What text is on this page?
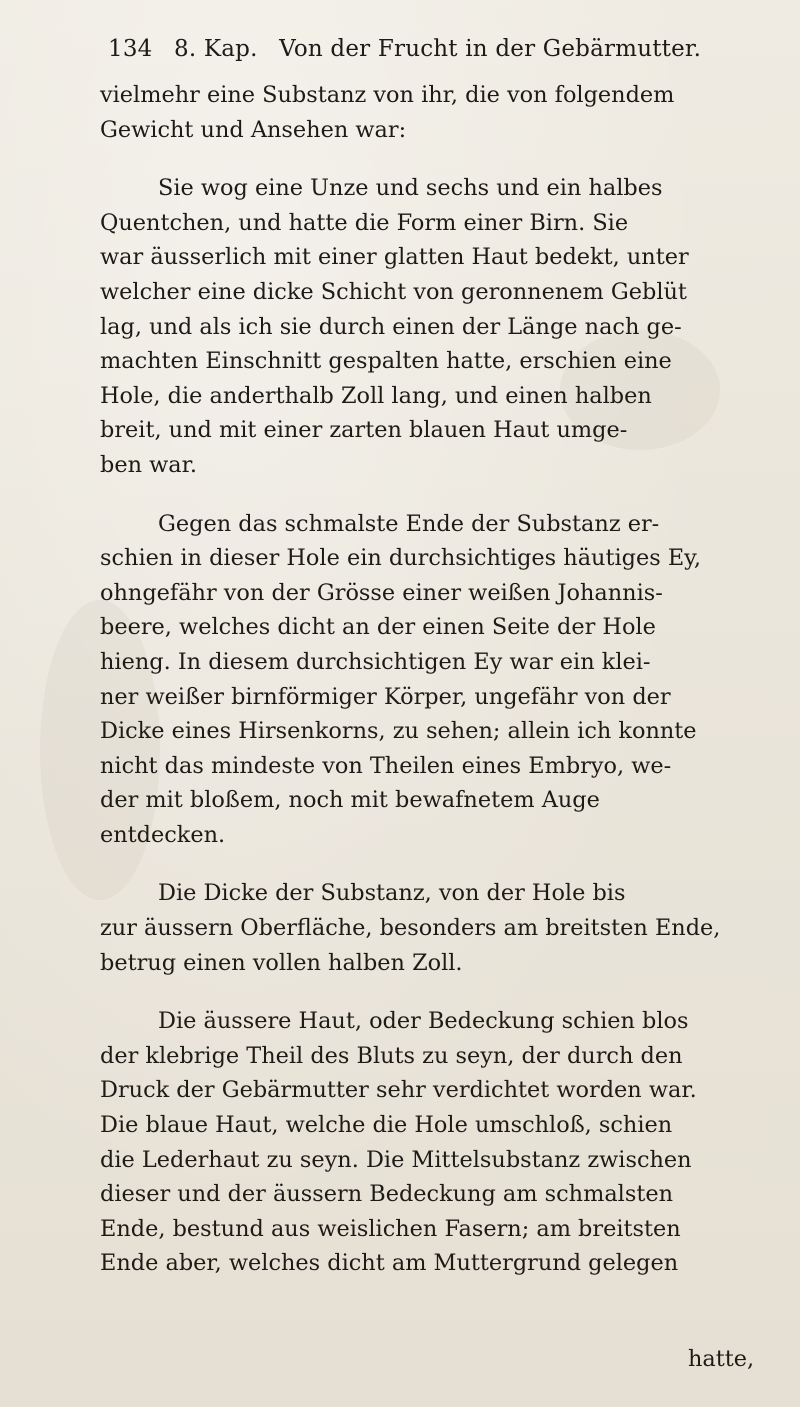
134 8. Kap. Von der Frucht in der Gebärmutter.

vielmehr eine Substanz von ihr, die von folgendem
Gewicht und Ansehen war:

Sie wog eine Unze und sechs und ein halbes
Quentchen, und hatte die Form einer Birn. Sie
war äusserlich mit einer glatten Haut bedekt, unter
welcher eine dicke Schicht von geronnenem Geblüt
lag, und als ich sie durch einen der Länge nach ge-
machten Einschnitt gespalten hatte, erschien eine
Hole, die anderthalb Zoll lang, und einen halben
breit, und mit einer zarten blauen Haut umge-
ben war.

Gegen das schmalste Ende der Substanz er-
schien in dieser Hole ein durchsichtiges häutiges Ey,
ohngefähr von der Grösse einer weißen Johannis-
beere, welches dicht an der einen Seite der Hole
hieng. In diesem durchsichtigen Ey war ein klei-
ner weißer birnförmiger Körper, ungefähr von der
Dicke eines Hirsenkorns, zu sehen; allein ich konnte
nicht das mindeste von Theilen eines Embryo, we-
der mit bloßem, noch mit bewafnetem Auge
entdecken.

Die Dicke der Substanz, von der Hole bis
zur äussern Oberfläche, besonders am breitsten Ende,
betrug einen vollen halben Zoll.

Die äussere Haut, oder Bedeckung schien blos
der klebrige Theil des Bluts zu seyn, der durch den
Druck der Gebärmutter sehr verdichtet worden war.
Die blaue Haut, welche die Hole umschloß, schien
die Lederhaut zu seyn. Die Mittelsubstanz zwischen
dieser und der äussern Bedeckung am schmalsten
Ende, bestund aus weislichen Fasern; am breitsten
Ende aber, welches dicht am Muttergrund gelegen

hatte,
